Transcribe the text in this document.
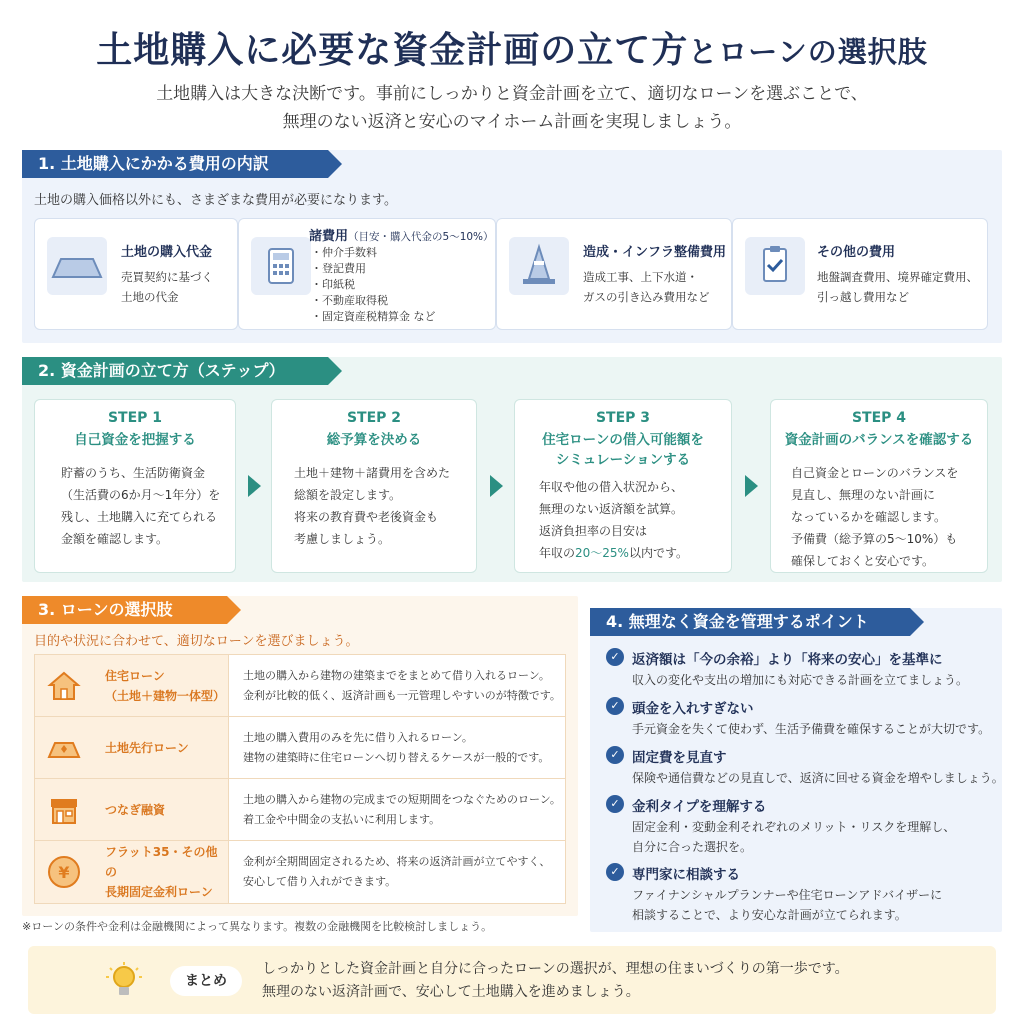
土地購入に必要な資金計画の立て方とローンの選択肢
土地購入は大きな決断です。事前にしっかりと資金計画を立て、適切なローンを選ぶことで、
無理のない返済と安心のマイホーム計画を実現しましょう。
1. 土地購入にかかる費用の内訳
土地の購入価格以外にも、さまざまな費用が必要になります。
土地の購入代金
売買契約に基づく
土地の代金
諸費用（目安・購入代金の5〜10%）
・仲介手数料
・登記費用
・印紙税
・不動産取得税
・固定資産税精算金 など
造成・インフラ整備費用
造成工事、上下水道・
ガスの引き込み費用など
その他の費用
地盤調査費用、境界確定費用、
引っ越し費用など
2. 資金計画の立て方（ステップ）
STEP 1
自己資金を把握する
貯蓄のうち、生活防衛資金
（生活費の6か月〜1年分）を
残し、土地購入に充てられる
金額を確認します。
STEP 2
総予算を決める
土地＋建物＋諸費用を含めた
総額を設定します。
将来の教育費や老後資金も
考慮しましょう。
STEP 3
住宅ローンの借入可能額を
シミュレーションする
年収や他の借入状況から、
無理のない返済額を試算。
返済負担率の目安は
年収の20〜25%以内です。
STEP 4
資金計画のバランスを確認する
自己資金とローンのバランスを
見直し、無理のない計画に
なっているかを確認します。
予備費（総予算の5〜10%）も
確保しておくと安心です。
3. ローンの選択肢
目的や状況に合わせて、適切なローンを選びましょう。
住宅ローン
（土地＋建物一体型）
土地の購入から建物の建築までをまとめて借り入れるローン。
金利が比較的低く、返済計画も一元管理しやすいのが特徴です。
土地先行ローン
土地の購入費用のみを先に借り入れるローン。
建物の建築時に住宅ローンへ切り替えるケースが一般的です。
つなぎ融資
土地の購入から建物の完成までの短期間をつなぐためのローン。
着工金や中間金の支払いに利用します。
¥
フラット35・その他の
長期固定金利ローン
金利が全期間固定されるため、将来の返済計画が立てやすく、
安心して借り入れができます。
※ローンの条件や金利は金融機関によって異なります。複数の金融機関を比較検討しましょう。
4. 無理なく資金を管理するポイント
✓ 返済額は「今の余裕」より「将来の安心」を基準に
収入の変化や支出の増加にも対応できる計画を立てましょう。
✓ 頭金を入れすぎない
手元資金を失くて使わず、生活予備費を確保することが大切です。
✓ 固定費を見直す
保険や通信費などの見直しで、返済に回せる資金を増やしましょう。
✓ 金利タイプを理解する
固定金利・変動金利それぞれのメリット・リスクを理解し、
自分に合った選択を。
✓ 専門家に相談する
ファイナンシャルプランナーや住宅ローンアドバイザーに
相談することで、より安心な計画が立てられます。
まとめ
しっかりとした資金計画と自分に合ったローンの選択が、理想の住まいづくりの第一歩です。
無理のない返済計画で、安心して土地購入を進めましょう。
